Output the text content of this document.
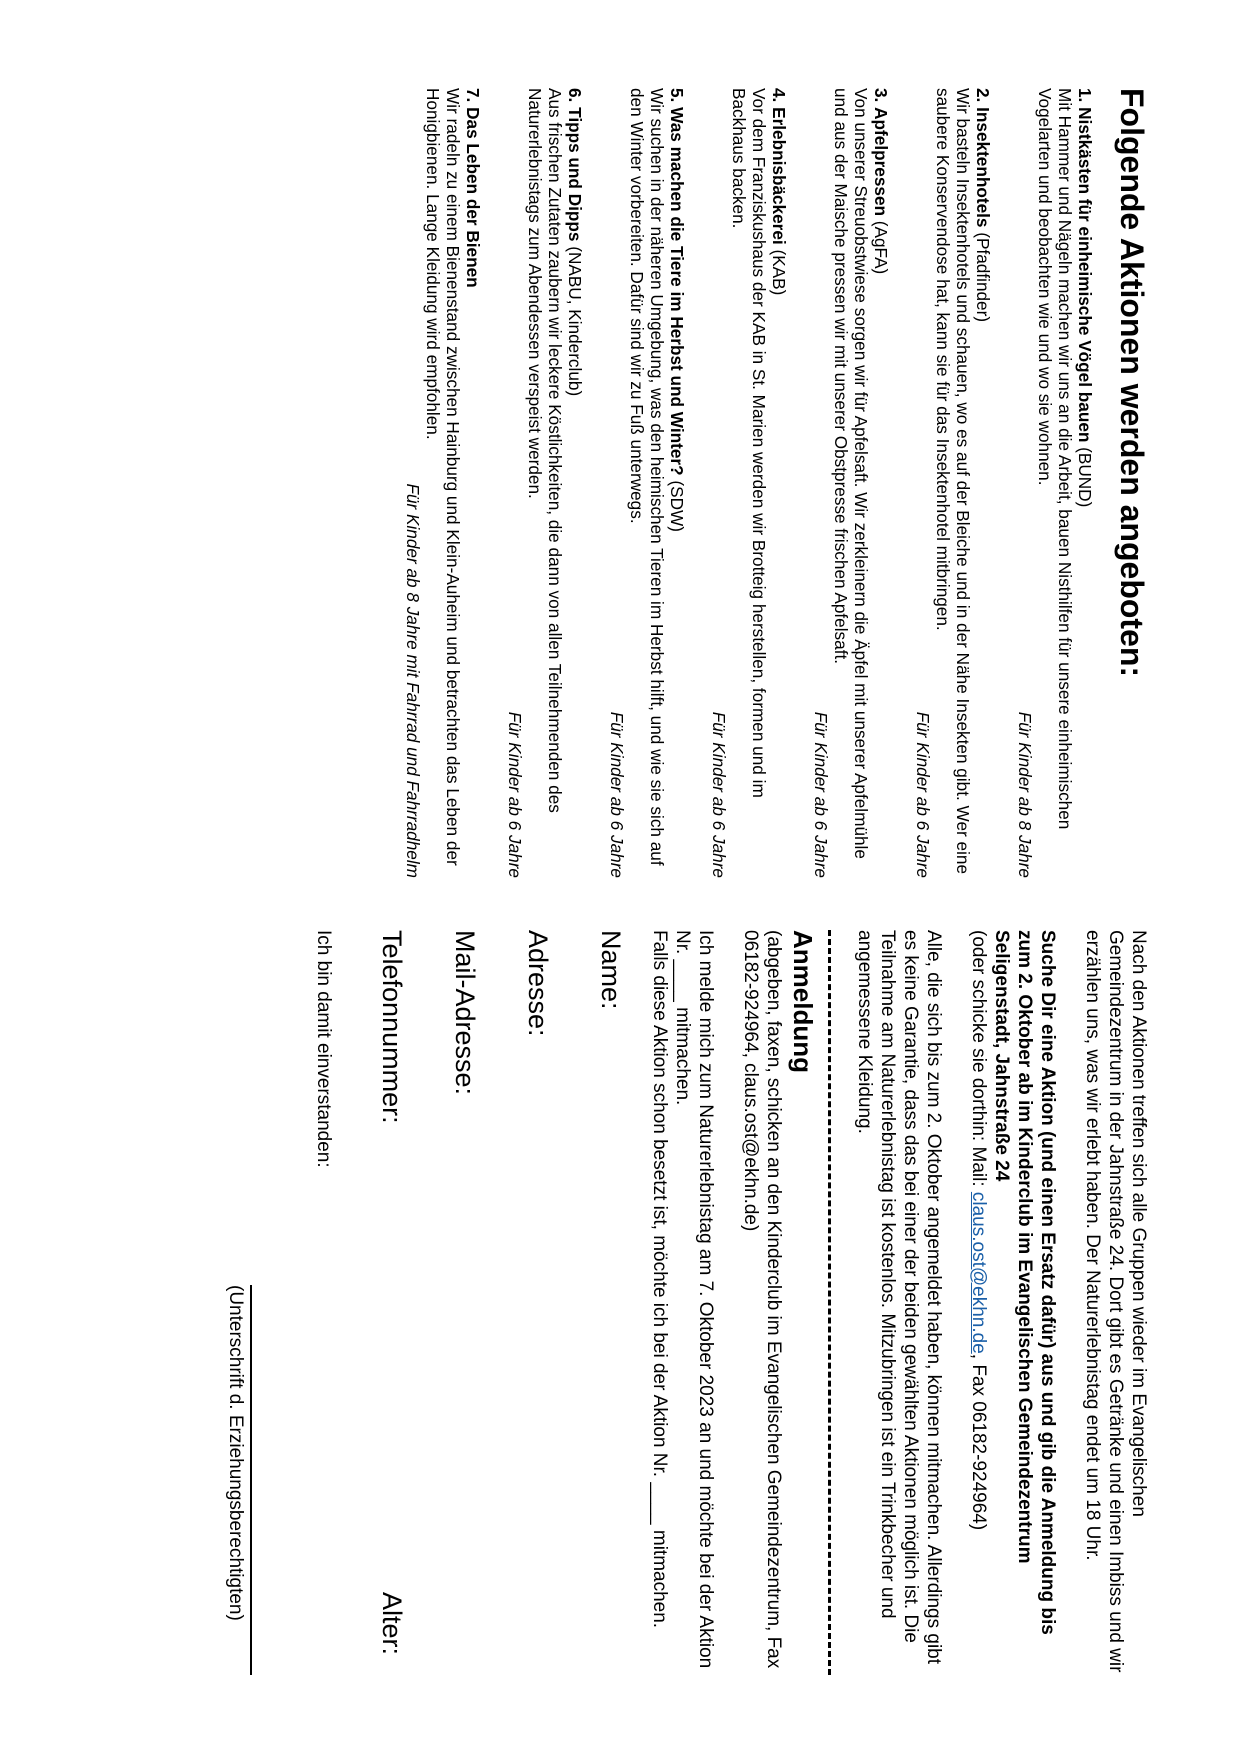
Folgende Aktionen werden angeboten:
1. Nistkästen für einheimische Vögel bauen (BUND)
Mit Hammer und Nägeln machen wir uns an die Arbeit, bauen Nisthilfen für unsere einheimischen Vogelarten und beobachten wie und wo sie wohnen.
Für Kinder ab 8 Jahre
2. Insektenhotels (Pfadfinder)
Wir basteln Insektenhotels und schauen, wo es auf der Bleiche und in der Nähe Insekten gibt. Wer eine saubere Konservendose hat, kann sie für das Insektenhotel mitbringen.
Für Kinder ab 6 Jahre
3. Apfelpressen (AgFA)
Von unserer Streuobstwiese sorgen wir für Apfelsaft. Wir zerkleinern die Äpfel mit unserer Apfelmühle und aus der Maische pressen wir mit unserer Obstpresse frischen Apfelsaft.
Für Kinder ab 6 Jahre
4. Erlebnisbäckerei (KAB)
Vor dem Franziskushaus der KAB in St. Marien werden wir Brotteig herstellen, formen und im Backhaus backen.
Für Kinder ab 6 Jahre
5. Was machen die Tiere im Herbst und Winter? (SDW)
Wir suchen in der näheren Umgebung, was den heimischen Tieren im Herbst hilft, und wie sie sich auf den Winter vorbereiten. Dafür sind wir zu Fuß unterwegs.
Für Kinder ab 6 Jahre
6. Tipps und Dipps (NABU, Kinderclub)
Aus frischen Zutaten zaubern wir leckere Köstlichkeiten, die dann von allen Teilnehmenden des Naturerlebnistags zum Abendessen verspeist werden.
Für Kinder ab 6 Jahre
7. Das Leben der Bienen
Wir radeln zu einem Bienenstand zwischen Hainburg und Klein-Auheim und betrachten das Leben der Honigbienen. Lange Kleidung wird empfohlen.
Für Kinder ab 8 Jahre mit Fahrrad und Fahrradhelm
Nach den Aktionen treffen sich alle Gruppen wieder im Evangelischen Gemeindezentrum in der Jahnstraße 24. Dort gibt es Getränke und einen Imbiss und wir erzählen uns, was wir erlebt haben. Der Naturerlebnistag endet um 18 Uhr.
Suche Dir eine Aktion (und einen Ersatz dafür) aus und gib die Anmeldung bis zum 2. Oktober ab im Kinderclub im Evangelischen Gemeindezentrum Seligenstadt, Jahnstraße 24
(oder schicke sie dorthin: Mail: claus.ost@ekhn.de, Fax 06182-924964)
Alle, die sich bis zum 2. Oktober angemeldet haben, können mitmachen. Allerdings gibt es keine Garantie, dass das bei einer der beiden gewählten Aktionen möglich ist. Die Teilnahme am Naturerlebnistag ist kostenlos. Mitzubringen ist ein Trinkbecher und angemessene Kleidung.
Anmeldung
(abgeben, faxen, schicken an den Kinderclub im Evangelischen Gemeindezentrum, Fax 06182-924964, claus.ost@ekhn.de)
Ich melde mich zum Naturerlebnistag am 7. Oktober 2023 an und möchte bei der Aktion Nr. ____ mitmachen.
Falls diese Aktion schon besetzt ist, möchte ich bei der Aktion Nr. ____ mitmachen.
Name:
Adresse:
Mail-Adresse:
Telefonnummer:
Alter:
Ich bin damit einverstanden:
(Unterschrift d. Erziehungsberechtigten)
